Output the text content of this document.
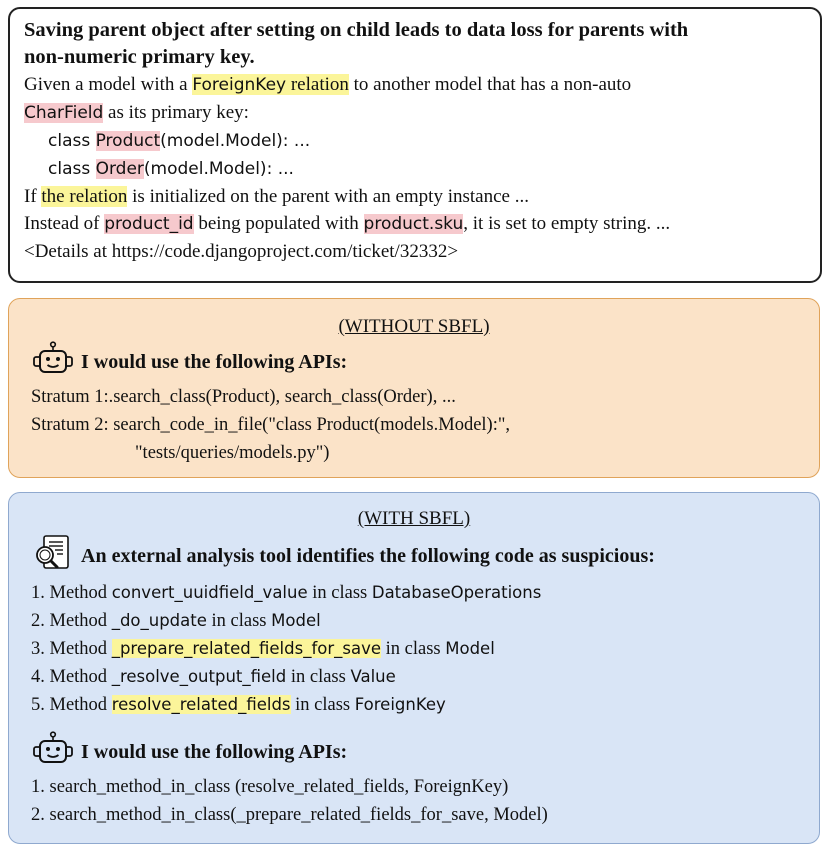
Saving parent object after setting on child leads to data loss for parents with
non-numeric primary key.
Given a model with a ForeignKey relation to another model that has a non-auto
CharField as its primary key:
class Product(model.Model): ...
class Order(model.Model): ...
If the relation is initialized on the parent with an empty instance ...
Instead of product_id being populated with product.sku, it is set to empty string. ...
<Details at https://code.djangoproject.com/ticket/32332>
(WITHOUT SBFL)
I would use the following APIs:
Stratum 1:.search_class(Product), search_class(Order), ...
Stratum 2: search_code_in_file("class Product(models.Model):",
"tests/queries/models.py")
(WITH SBFL)
An external analysis tool identifies the following code as suspicious:
1. Method convert_uuidfield_value in class DatabaseOperations
2. Method _do_update in class Model
3. Method _prepare_related_fields_for_save in class Model
4. Method _resolve_output_field in class Value
5. Method resolve_related_fields in class ForeignKey
I would use the following APIs:
1. search_method_in_class (resolve_related_fields, ForeignKey)
2. search_method_in_class(_prepare_related_fields_for_save, Model)
